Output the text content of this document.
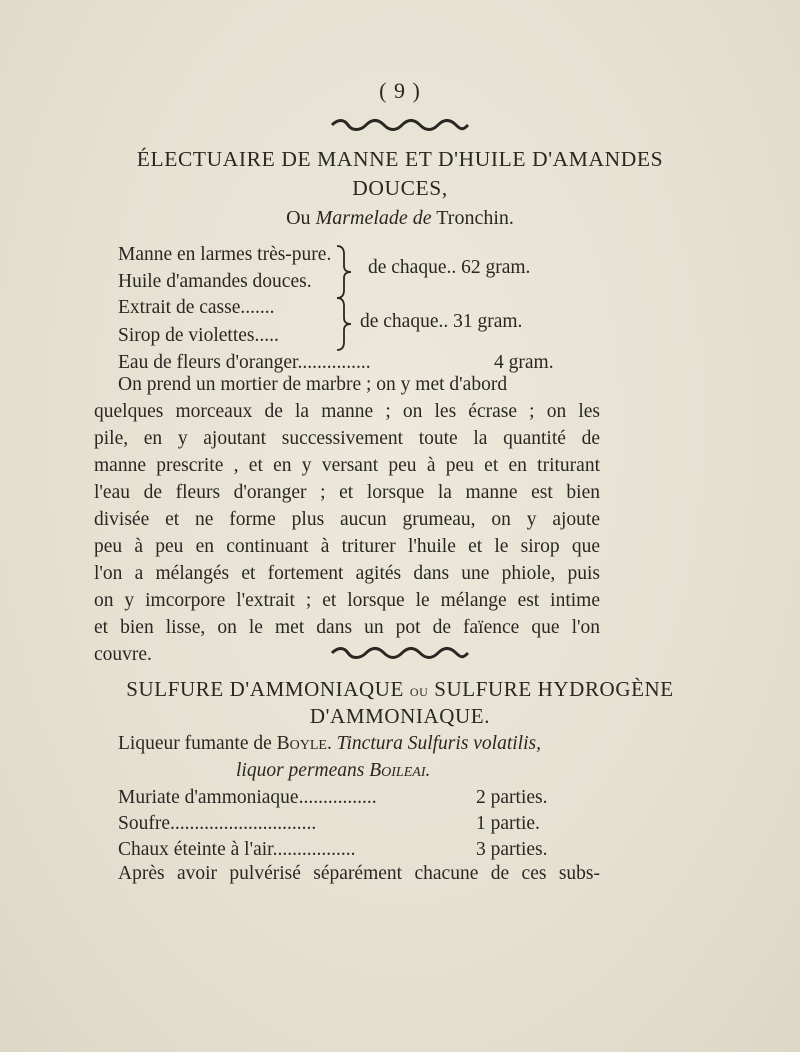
( 9 )
ÉLECTUAIRE DE MANNE ET D'HUILE D'AMANDES
DOUCES,
Ou Marmelade de Tronchin.
Manne en larmes très-pure.
Huile d'amandes douces.
de chaque.. 62 gram.
Extrait de casse.......
Sirop de violettes.....
de chaque.. 31 gram.
Eau de fleurs d'oranger...............	4 gram.
On prend un mortier de marbre ; on y met d'abord
quelques morceaux de la manne ; on les écrase ; on les
pile, en y ajoutant successivement toute la quantité de
manne prescrite , et en y versant peu à peu et en triturant
l'eau de fleurs d'oranger ; et lorsque la manne est bien
divisée et ne forme plus aucun grumeau, on y ajoute
peu à peu en continuant à triturer l'huile et le sirop que
l'on a mélangés et fortement agités dans une phiole, puis
on y imcorpore l'extrait ; et lorsque le mélange est intime
et bien lisse, on le met dans un pot de faïence que l'on
couvre.
SULFURE D'AMMONIAQUE ou SULFURE HYDROGÈNE
D'AMMONIAQUE.
Liqueur fumante de Boyle. Tinctura Sulfuris volatilis,
liquor permeans Boileai.
Muriate d'ammoniaque................	2 parties.
Soufre..............................	1 partie.
Chaux éteinte à l'air.................	3 parties.
Après avoir pulvérisé séparément chacune de ces subs-
